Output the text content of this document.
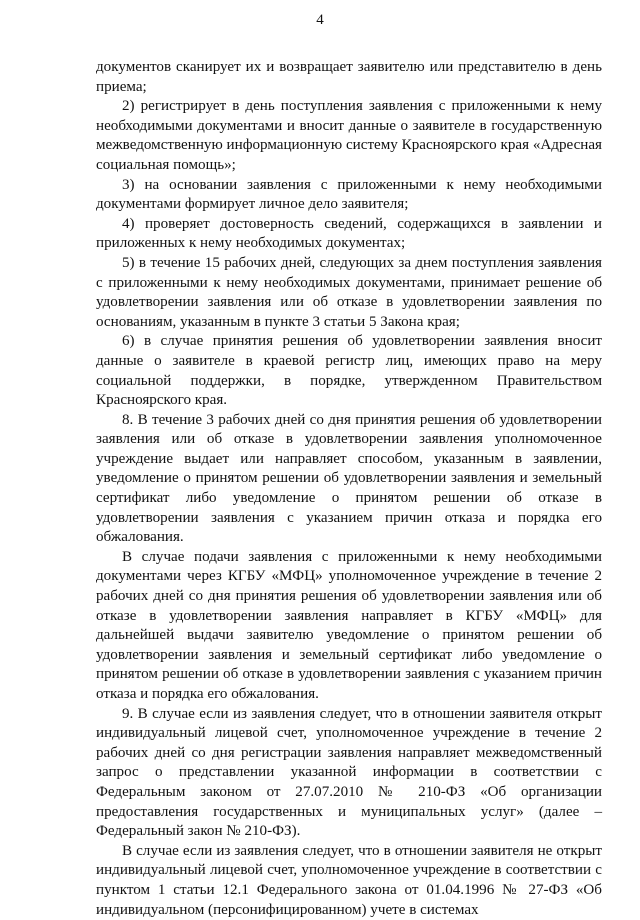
4

документов сканирует их и возвращает заявителю или представителю в день приема;

2) регистрирует в день поступления заявления с приложенными к нему необходимыми документами и вносит данные о заявителе в государственную межведомственную информационную систему Красноярского края «Адресная социальная помощь»;

3) на основании заявления с приложенными к нему необходимыми документами формирует личное дело заявителя;

4) проверяет достоверность сведений, содержащихся в заявлении и приложенных к нему необходимых документах;

5) в течение 15 рабочих дней, следующих за днем поступления заявления с приложенными к нему необходимых документами, принимает решение об удовлетворении заявления или об отказе в удовлетворении заявления по основаниям, указанным в пункте 3 статьи 5 Закона края;

6) в случае принятия решения об удовлетворении заявления вносит данные о заявителе в краевой регистр лиц, имеющих право на меру социальной поддержки, в порядке, утвержденном Правительством Красноярского края.

8. В течение 3 рабочих дней со дня принятия решения об удовлетворении заявления или об отказе в удовлетворении заявления уполномоченное учреждение выдает или направляет способом, указанным в заявлении, уведомление о принятом решении об удовлетворении заявления и земельный сертификат либо уведомление о принятом решении об отказе в удовлетворении заявления с указанием причин отказа и порядка его обжалования.

В случае подачи заявления с приложенными к нему необходимыми документами через КГБУ «МФЦ» уполномоченное учреждение в течение 2 рабочих дней со дня принятия решения об удовлетворении заявления или об отказе в удовлетворении заявления направляет в КГБУ «МФЦ» для дальнейшей выдачи заявителю уведомление о принятом решении об удовлетворении заявления и земельный сертификат либо уведомление о принятом решении об отказе в удовлетворении заявления с указанием причин отказа и порядка его обжалования.

9. В случае если из заявления следует, что в отношении заявителя открыт индивидуальный лицевой счет, уполномоченное учреждение в течение 2 рабочих дней со дня регистрации заявления направляет межведомственный запрос о представлении указанной информации в соответствии с Федеральным законом от 27.07.2010 № 210-ФЗ «Об организации предоставления государственных и муниципальных услуг» (далее – Федеральный закон № 210-ФЗ).

В случае если из заявления следует, что в отношении заявителя не открыт индивидуальный лицевой счет, уполномоченное учреждение в соответствии с пунктом 1 статьи 12.1 Федерального закона от 01.04.1996 № 27-ФЗ «Об индивидуальном (персонифицированном) учете в системах
